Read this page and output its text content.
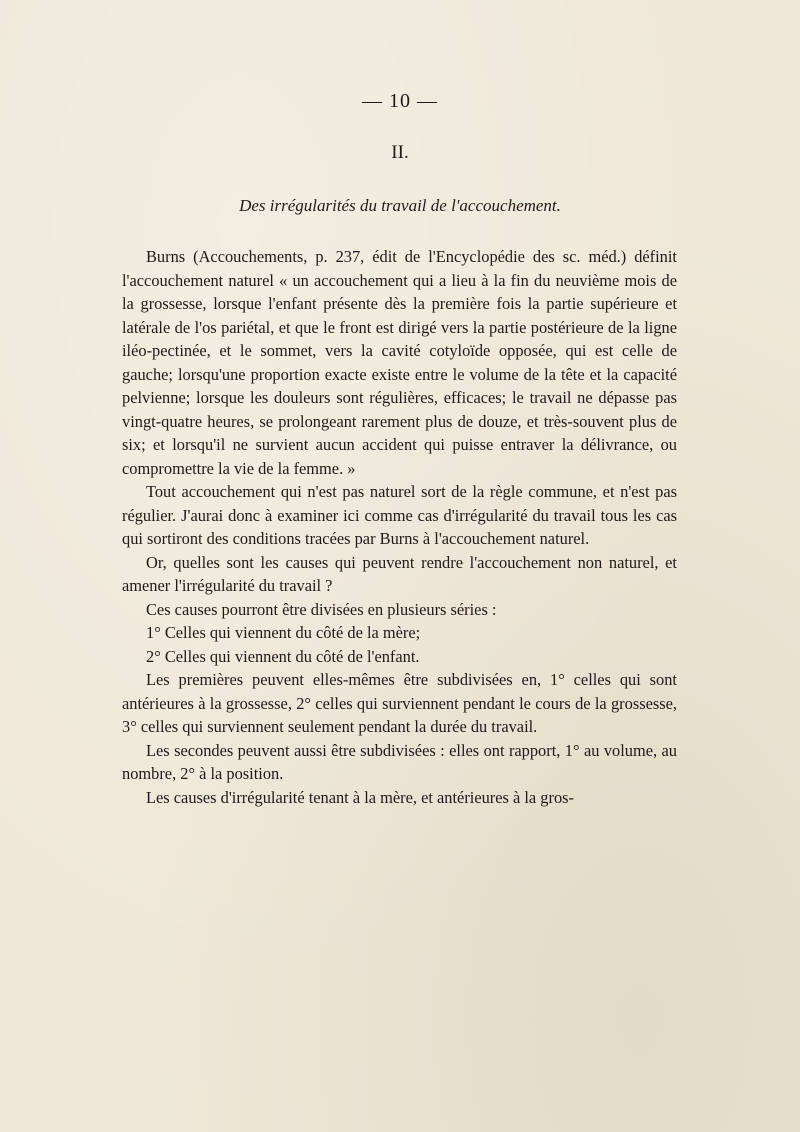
— 10 —
II.
Des irrégularités du travail de l'accouchement.

Burns (Accouchements, p. 237, édit de l'Encyclopédie des sc. méd.) définit l'accouchement naturel « un accouchement qui a lieu à la fin du neuvième mois de la grossesse, lorsque l'enfant présente dès la première fois la partie supérieure et latérale de l'os pariétal, et que le front est dirigé vers la partie postérieure de la ligne iléo-pectinée, et le sommet, vers la cavité cotyloïde opposée, qui est celle de gauche; lorsqu'une proportion exacte existe entre le volume de la tête et la capacité pelvienne; lorsque les douleurs sont régulières, efficaces; le travail ne dépasse pas vingt-quatre heures, se prolongeant rarement plus de douze, et très-souvent plus de six; et lorsqu'il ne survient aucun accident qui puisse entraver la délivrance, ou compromettre la vie de la femme. »

Tout accouchement qui n'est pas naturel sort de la règle commune, et n'est pas régulier. J'aurai donc à examiner ici comme cas d'irrégularité du travail tous les cas qui sortiront des conditions tracées par Burns à l'accouchement naturel.

Or, quelles sont les causes qui peuvent rendre l'accouchement non naturel, et amener l'irrégularité du travail ?

Ces causes pourront être divisées en plusieurs séries :

1° Celles qui viennent du côté de la mère;

2° Celles qui viennent du côté de l'enfant.

Les premières peuvent elles-mêmes être subdivisées en, 1° celles qui sont antérieures à la grossesse, 2° celles qui surviennent pendant le cours de la grossesse, 3° celles qui surviennent seulement pendant la durée du travail.

Les secondes peuvent aussi être subdivisées : elles ont rapport, 1° au volume, au nombre, 2° à la position.

Les causes d'irrégularité tenant à la mère, et antérieures à la gros-
